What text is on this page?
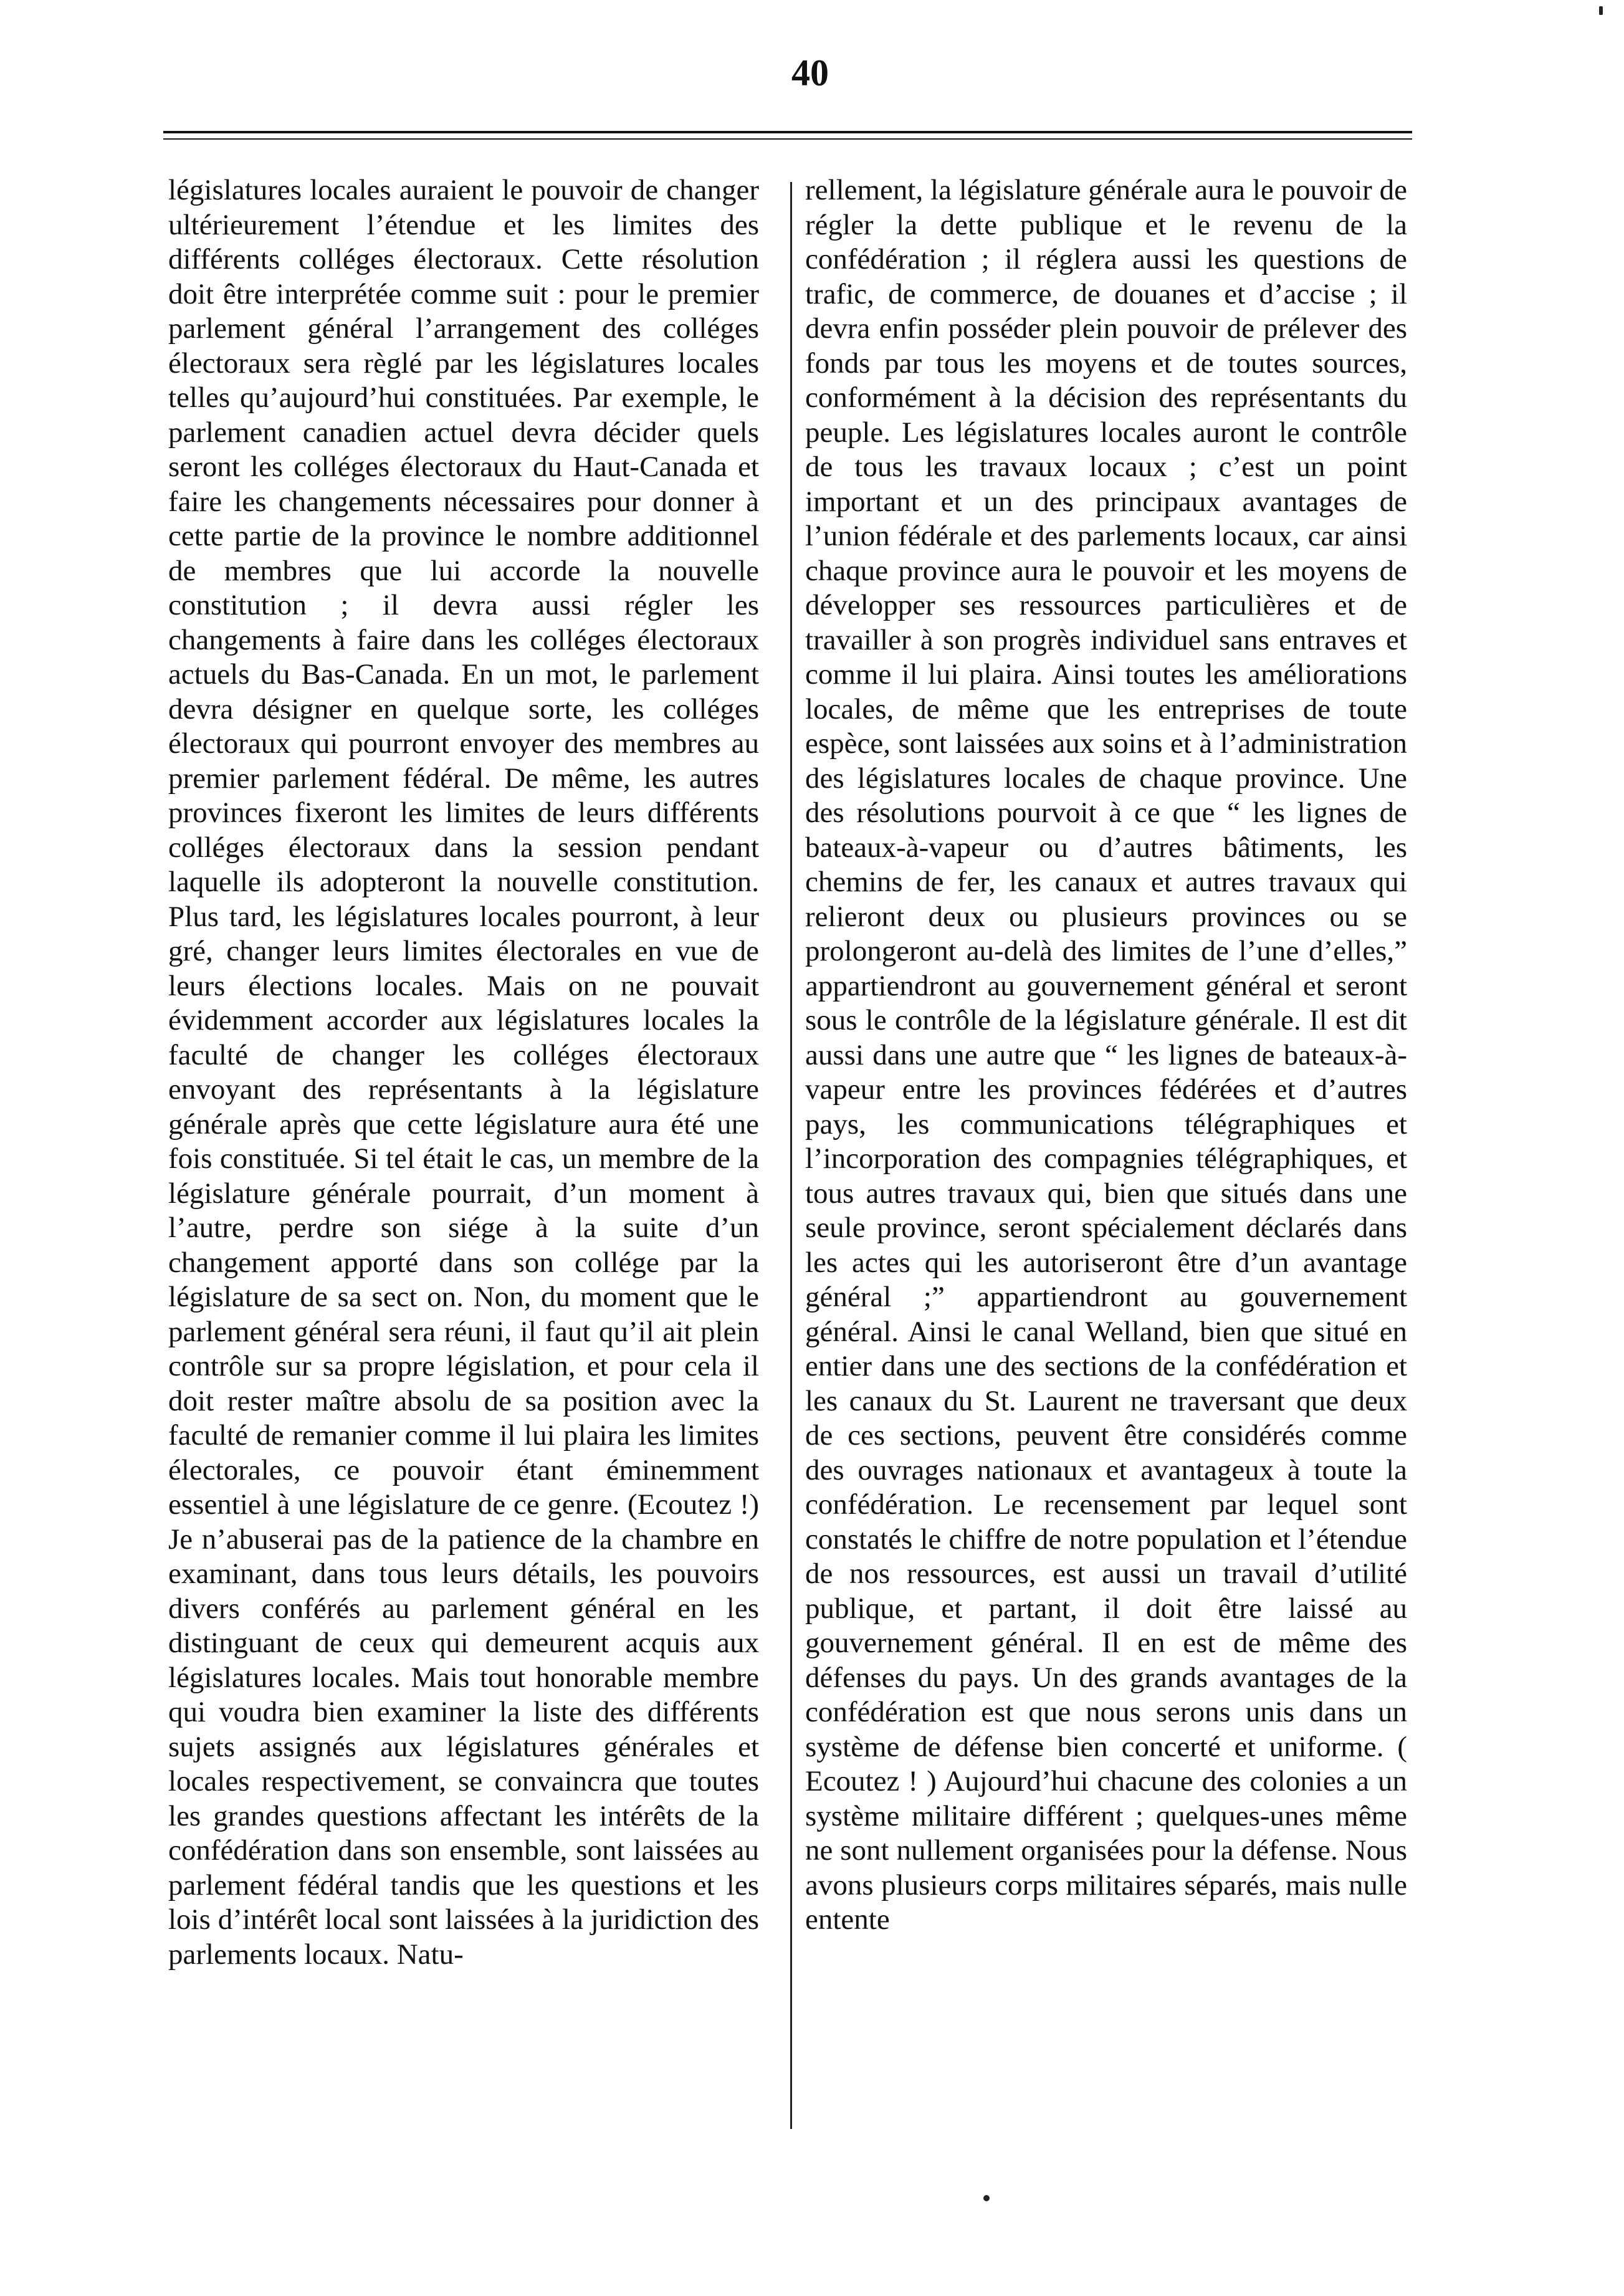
40

législatures locales auraient le pouvoir de changer ultérieurement l’étendue et les limites des différents colléges électoraux. Cette résolution doit être interprétée comme suit : pour le premier parlement général l’arrangement des colléges électoraux sera règlé par les législatures locales telles qu’aujourd’hui constituées. Par exemple, le parlement canadien actuel devra décider quels seront les colléges électoraux du Haut-Canada et faire les changements nécessaires pour donner à cette partie de la province le nombre additionnel de membres que lui accorde la nouvelle constitution ; il devra aussi régler les changements à faire dans les colléges électoraux actuels du Bas-Canada. En un mot, le parlement devra désigner en quelque sorte, les colléges électoraux qui pourront envoyer des membres au premier parlement fédéral. De même, les autres provinces fixeront les limites de leurs différents colléges électoraux dans la session pendant laquelle ils adopteront la nouvelle constitution. Plus tard, les législatures locales pourront, à leur gré, changer leurs limites électorales en vue de leurs élections locales. Mais on ne pouvait évidemment accorder aux législatures locales la faculté de changer les colléges électoraux envoyant des représentants à la législature générale après que cette législature aura été une fois constituée. Si tel était le cas, un membre de la législature générale pourrait, d’un moment à l’autre, perdre son siége à la suite d’un changement apporté dans son collége par la législature de sa sect on. Non, du moment que le parlement général sera réuni, il faut qu’il ait plein contrôle sur sa propre législation, et pour cela il doit rester maître absolu de sa position avec la faculté de remanier comme il lui plaira les limites électorales, ce pouvoir étant éminemment essentiel à une législature de ce genre. (Ecoutez !) Je n’abuserai pas de la patience de la chambre en examinant, dans tous leurs détails, les pouvoirs divers conférés au parlement général en les distinguant de ceux qui demeurent acquis aux législatures locales. Mais tout honorable membre qui voudra bien examiner la liste des différents sujets assignés aux législatures générales et locales respectivement, se convaincra que toutes les grandes questions affectant les intérêts de la confédération dans son ensemble, sont laissées au parlement fédéral tandis que les questions et les lois d’intérêt local sont laissées à la juridiction des parlements locaux. Natu-

rellement, la législature générale aura le pouvoir de régler la dette publique et le revenu de la confédération ; il réglera aussi les questions de trafic, de commerce, de douanes et d’accise ; il devra enfin posséder plein pouvoir de prélever des fonds par tous les moyens et de toutes sources, conformément à la décision des représentants du peuple. Les législatures locales auront le contrôle de tous les travaux locaux ; c’est un point important et un des principaux avantages de l’union fédérale et des parlements locaux, car ainsi chaque province aura le pouvoir et les moyens de développer ses ressources particulières et de travailler à son progrès individuel sans entraves et comme il lui plaira. Ainsi toutes les améliorations locales, de même que les entreprises de toute espèce, sont laissées aux soins et à l’administration des législatures locales de chaque province. Une des résolutions pourvoit à ce que “ les lignes de bateaux-à-vapeur ou d’autres bâtiments, les chemins de fer, les canaux et autres travaux qui relieront deux ou plusieurs provinces ou se prolongeront au-delà des limites de l’une d’elles,” appartiendront au gouvernement général et seront sous le contrôle de la législature générale. Il est dit aussi dans une autre que “ les lignes de bateaux-à-vapeur entre les provinces fédérées et d’autres pays, les communications télégraphiques et l’incorporation des compagnies télégraphiques, et tous autres travaux qui, bien que situés dans une seule province, seront spécialement déclarés dans les actes qui les autoriseront être d’un avantage général ;” appartiendront au gouvernement général. Ainsi le canal Welland, bien que situé en entier dans une des sections de la confédération et les canaux du St. Laurent ne traversant que deux de ces sections, peuvent être considérés comme des ouvrages nationaux et avantageux à toute la confédération. Le recensement par lequel sont constatés le chiffre de notre population et l’étendue de nos ressources, est aussi un travail d’utilité publique, et partant, il doit être laissé au gouvernement général. Il en est de même des défenses du pays. Un des grands avantages de la confédération est que nous serons unis dans un système de défense bien concerté et uniforme. ( Ecoutez ! ) Aujourd’hui chacune des colonies a un système militaire différent ; quelques-unes même ne sont nullement organisées pour la défense. Nous avons plusieurs corps militaires séparés, mais nulle entente
